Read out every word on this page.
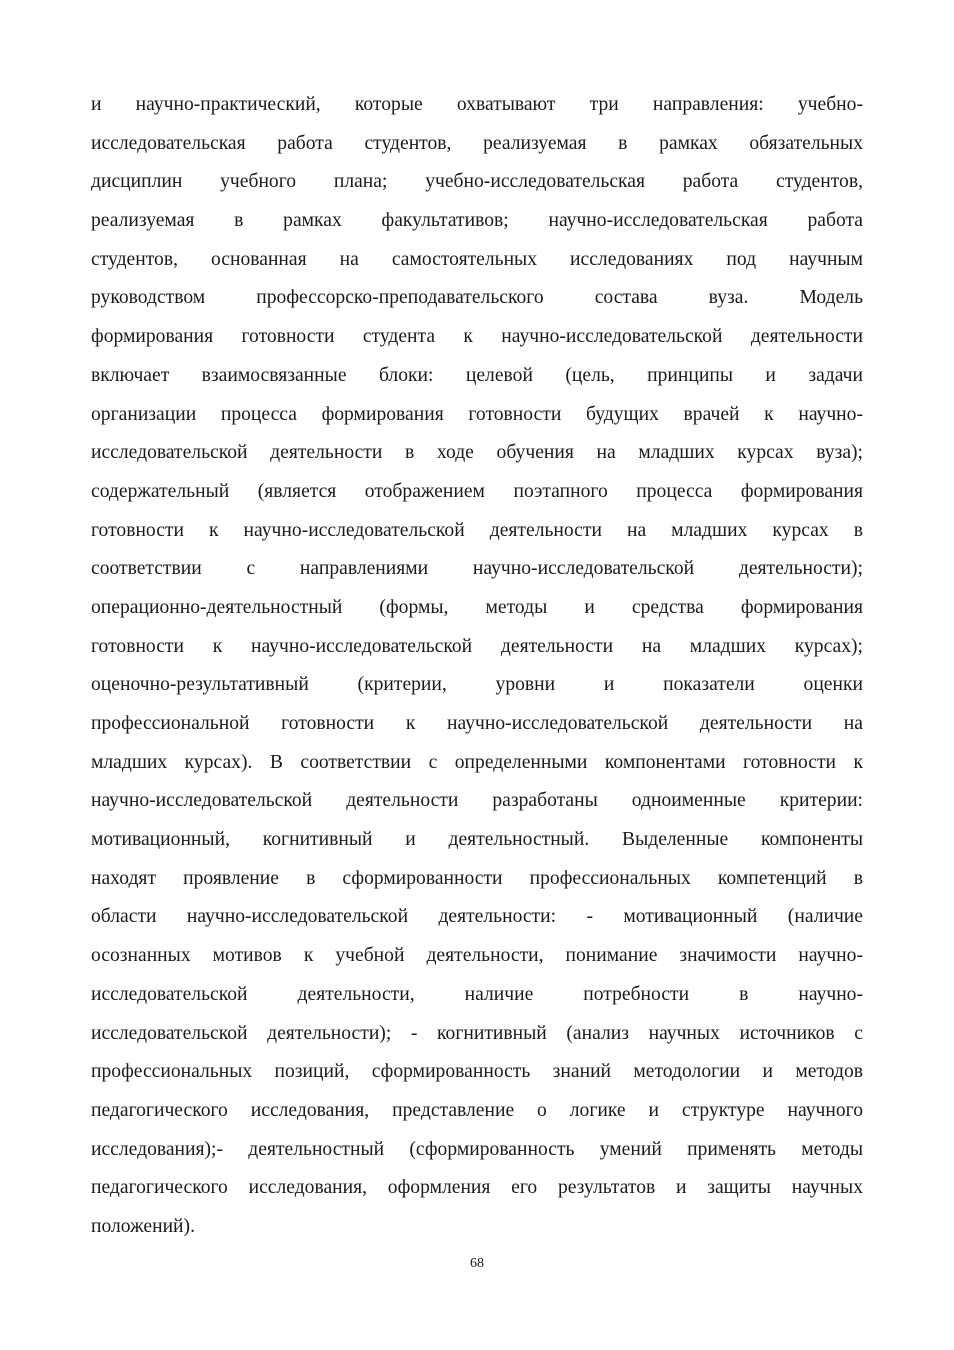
и научно-практический, которые охватывают три направления: учебно-
исследовательская работа студентов, реализуемая в рамках обязательных
дисциплин учебного плана; учебно-исследовательская работа студентов,
реализуемая в рамках факультативов; научно-исследовательская работа
студентов, основанная на самостоятельных исследованиях под научным
руководством профессорско-преподавательского состава вуза. Модель
формирования готовности студента к научно-исследовательской деятельности
включает взаимосвязанные блоки: целевой (цель, принципы и задачи
организации процесса формирования готовности будущих врачей к научно-
исследовательской деятельности в ходе обучения на младших курсах вуза);
содержательный (является отображением поэтапного процесса формирования
готовности к научно-исследовательской деятельности на младших курсах в
соответствии с направлениями научно-исследовательской деятельности);
операционно-деятельностный (формы, методы и средства формирования
готовности к научно-исследовательской деятельности на младших курсах);
оценочно-результативный (критерии, уровни и показатели оценки
профессиональной готовности к научно-исследовательской деятельности на
младших курсах). В соответствии с определенными компонентами готовности к
научно-исследовательской деятельности разработаны одноименные критерии:
мотивационный, когнитивный и деятельностный. Выделенные компоненты
находят проявление в сформированности профессиональных компетенций в
области научно-исследовательской деятельности: - мотивационный (наличие
осознанных мотивов к учебной деятельности, понимание значимости научно-
исследовательской деятельности, наличие потребности в научно-
исследовательской деятельности); - когнитивный (анализ научных источников с
профессиональных позиций, сформированность знаний методологии и методов
педагогического исследования, представление о логике и структуре научного
исследования);- деятельностный (сформированность умений применять методы
педагогического исследования, оформления его результатов и защиты научных
положений).
68
